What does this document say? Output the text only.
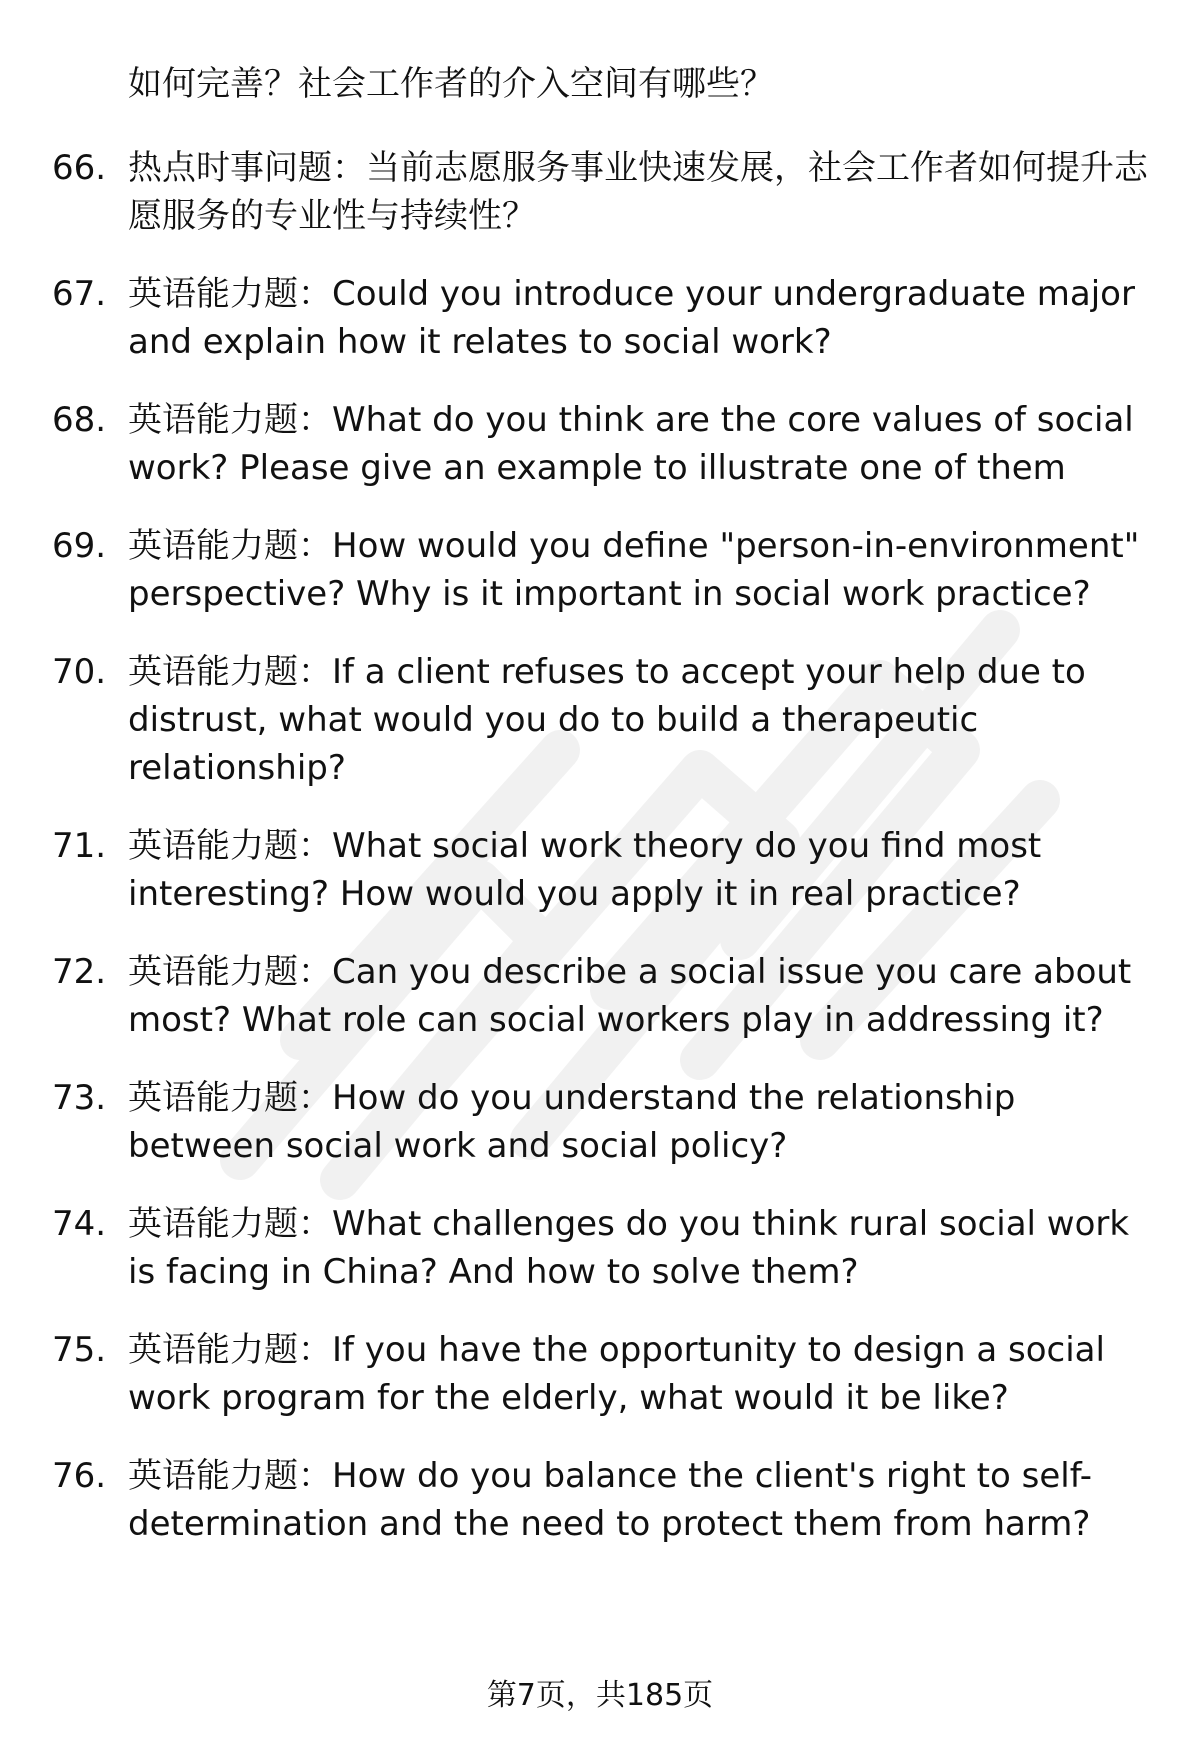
如何完善？社会工作者的介入空间有哪些？
66. 热点时事问题：当前志愿服务事业快速发展，社会工作者如何提升志愿服务的专业性与持续性？
67. 英语能力题：Could you introduce your undergraduate major and explain how it relates to social work?
68. 英语能力题：What do you think are the core values of social work? Please give an example to illustrate one of them
69. 英语能力题：How would you define "person-in-environment" perspective? Why is it important in social work practice?
70. 英语能力题：If a client refuses to accept your help due to distrust, what would you do to build a therapeutic relationship?
71. 英语能力题：What social work theory do you find most interesting? How would you apply it in real practice?
72. 英语能力题：Can you describe a social issue you care about most? What role can social workers play in addressing it?
73. 英语能力题：How do you understand the relationship between social work and social policy?
74. 英语能力题：What challenges do you think rural social work is facing in China? And how to solve them?
75. 英语能力题：If you have the opportunity to design a social work program for the elderly, what would it be like?
76. 英语能力题：How do you balance the client's right to self-determination and the need to protect them from harm?
第7页，共185页
